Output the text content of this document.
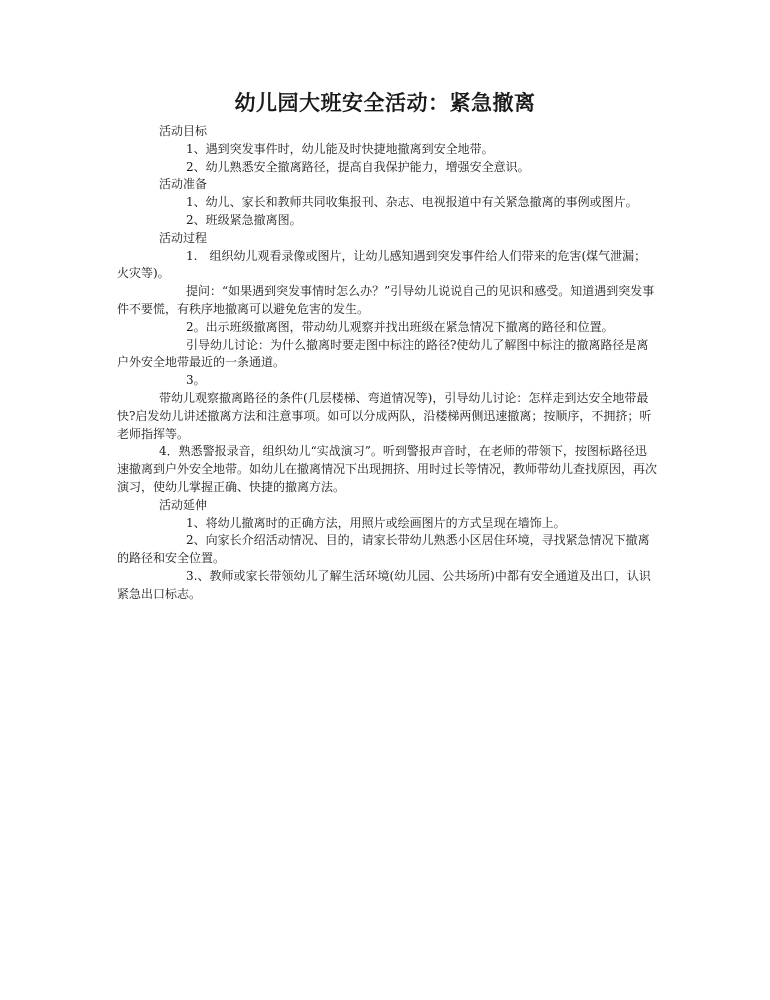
幼儿园大班安全活动：紧急撤离

活动目标

1、遇到突发事件时，幼儿能及时快捷地撤离到安全地带。

2、幼儿熟悉安全撤离路径，提高自我保护能力，增强安全意识。

活动准备

1、幼儿、家长和教师共同收集报刊、杂志、电视报道中有关紧急撤离的事例或图片。

2、班级紧急撤离图。

活动过程

1.　组织幼儿观看录像或图片，让幼儿感知遇到突发事件给人们带来的危害(煤气泄漏；火灾等)。

提问：“如果遇到突发事情时怎么办？”引导幼儿说说自己的见识和感受。知道遇到突发事件不要慌，有秩序地撤离可以避免危害的发生。

2。出示班级撤离图，带动幼儿观察并找出班级在紧急情况下撤离的路径和位置。

引导幼儿讨论：为什么撤离时要走图中标注的路径?使幼儿了解图中标注的撤离路径是离户外安全地带最近的一条通道。

3。

带幼儿观察撤离路径的条件(几层楼梯、弯道情况等)，引导幼儿讨论：怎样走到达安全地带最快?启发幼儿讲述撤离方法和注意事项。如可以分成两队，沿楼梯两侧迅速撤离；按顺序，不拥挤；听老师指挥等。

4．熟悉警报录音，组织幼儿“实战演习”。听到警报声音时，在老师的带领下，按图标路径迅速撤离到户外安全地带。如幼儿在撤离情况下出现拥挤、用时过长等情况，教师带幼儿查找原因，再次演习，使幼儿掌握正确、快捷的撤离方法。

活动延伸

1、将幼儿撤离时的正确方法，用照片或绘画图片的方式呈现在墙饰上。

2、向家长介绍活动情况、目的，请家长带幼儿熟悉小区居住环境，寻找紧急情况下撤离的路径和安全位置。

3.、教师或家长带领幼儿了解生活环境(幼儿园、公共场所)中都有安全通道及出口，认识紧急出口标志。
